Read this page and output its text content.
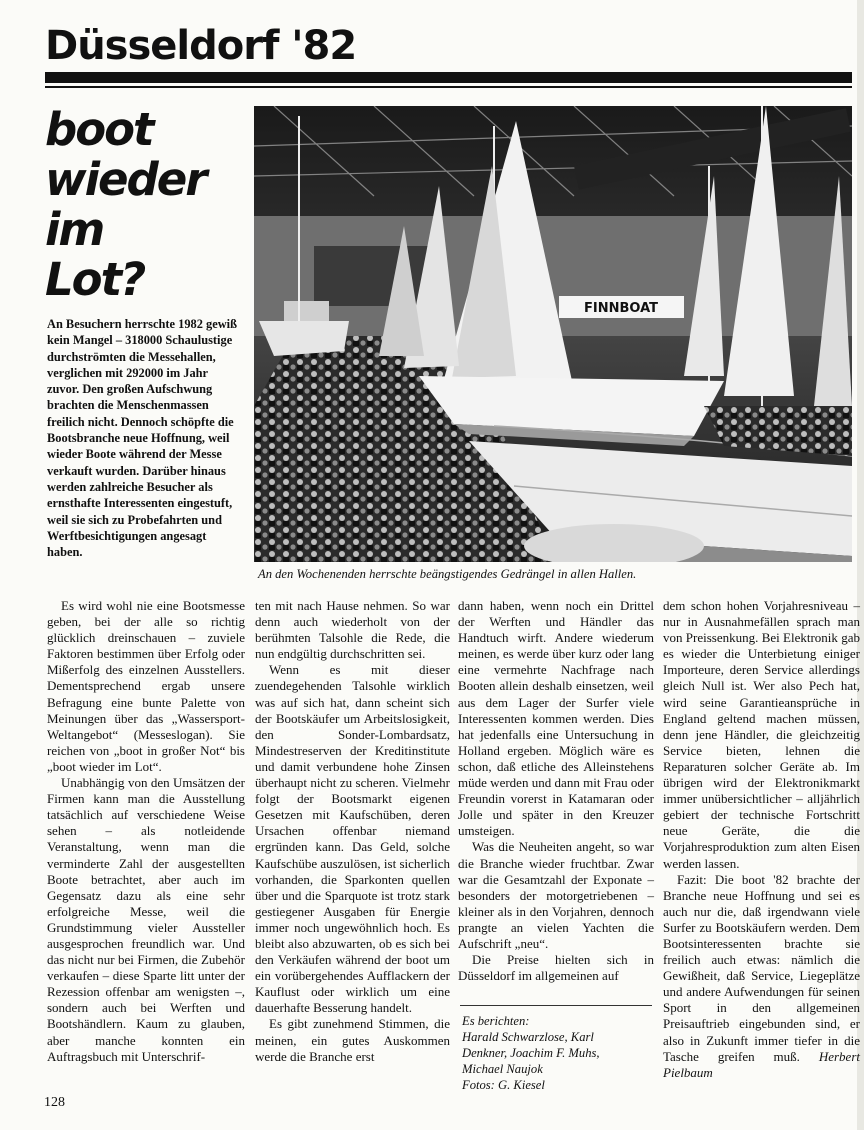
Düsseldorf '82
boot
wieder
im
Lot?
An Besuchern herrschte 1982 gewiß kein Mangel – 318000 Schaulustige durchströmten die Messehallen, verglichen mit 292000 im Jahr zuvor. Den großen Aufschwung brachten die Menschenmassen freilich nicht. Dennoch schöpfte die Bootsbranche neue Hoffnung, weil wieder Boote während der Messe verkauft wurden. Darüber hinaus werden zahlreiche Besucher als ernsthafte Interessenten eingestuft, weil sie sich zu Probefahrten und Werftbesichtigungen angesagt haben.
FINNBOAT
An den Wochenenden herrschte beängstigendes Gedrängel in allen Hallen.

Es wird wohl nie eine Bootsmesse geben, bei der alle so richtig glücklich dreinschauen – zuviele Faktoren bestimmen über Erfolg oder Mißerfolg des einzelnen Ausstellers. Dementsprechend ergab unsere Befragung eine bunte Palette von Meinungen über das „Wassersport-Weltangebot“ (Messeslogan). Sie reichen von „boot in großer Not“ bis „boot wieder im Lot“.

Unabhängig von den Umsätzen der Firmen kann man die Ausstellung tatsächlich auf verschiedene Weise sehen – als notleidende Veranstaltung, wenn man die verminderte Zahl der ausgestellten Boote betrachtet, aber auch im Gegensatz dazu als eine sehr erfolgreiche Messe, weil die Grundstimmung vieler Aussteller ausgesprochen freundlich war. Und das nicht nur bei Firmen, die Zubehör verkaufen – diese Sparte litt unter der Rezession offenbar am wenigsten –, sondern auch bei Werften und Bootshändlern. Kaum zu glauben, aber manche konnten ein Auftragsbuch mit Unterschrif-

ten mit nach Hause nehmen. So war denn auch wiederholt von der berühmten Talsohle die Rede, die nun endgültig durchschritten sei.

Wenn es mit dieser zuendegehenden Talsohle wirklich was auf sich hat, dann scheint sich der Bootskäufer um Arbeitslosigkeit, den Sonder-Lombardsatz, Mindestreserven der Kreditinstitute und damit verbundene hohe Zinsen überhaupt nicht zu scheren. Vielmehr folgt der Bootsmarkt eigenen Gesetzen mit Kaufschüben, deren Ursachen offenbar niemand ergründen kann. Das Geld, solche Kaufschübe auszulösen, ist sicherlich vorhanden, die Sparkonten quellen über und die Sparquote ist trotz stark gestiegener Ausgaben für Energie immer noch ungewöhnlich hoch. Es bleibt also abzuwarten, ob es sich bei den Verkäufen während der boot um ein vorübergehendes Aufflackern der Kauflust oder wirklich um eine dauerhafte Besserung handelt.

Es gibt zunehmend Stimmen, die meinen, ein gutes Auskommen werde die Branche erst

dann haben, wenn noch ein Drittel der Werften und Händler das Handtuch wirft. Andere wiederum meinen, es werde über kurz oder lang eine vermehrte Nachfrage nach Booten allein deshalb einsetzen, weil aus dem Lager der Surfer viele Interessenten kommen werden. Dies hat jedenfalls eine Untersuchung in Holland ergeben. Möglich wäre es schon, daß etliche des Alleinstehens müde werden und dann mit Frau oder Freundin vorerst in Katamaran oder Jolle und später in den Kreuzer umsteigen.

Was die Neuheiten angeht, so war die Branche wieder fruchtbar. Zwar war die Gesamtzahl der Exponate – besonders der motorgetriebenen – kleiner als in den Vorjahren, dennoch prangte an vielen Yachten die Aufschrift „neu“.

Die Preise hielten sich in Düsseldorf im allgemeinen auf

Es berichten:
Harald Schwarzlose, Karl
Denkner, Joachim F. Muhs,
Michael Naujok
Fotos: G. Kiesel

dem schon hohen Vorjahresniveau – nur in Ausnahmefällen sprach man von Preissenkung. Bei Elektronik gab es wieder die Unterbietung einiger Importeure, deren Service allerdings gleich Null ist. Wer also Pech hat, wird seine Garantieansprüche in England geltend machen müssen, denn jene Händler, die gleichzeitig Service bieten, lehnen die Reparaturen solcher Geräte ab. Im übrigen wird der Elektronikmarkt immer unübersichtlicher – alljährlich gebiert der technische Fortschritt neue Geräte, die die Vorjahresproduktion zum alten Eisen werden lassen.

Fazit: Die boot '82 brachte der Branche neue Hoffnung und sei es auch nur die, daß irgendwann viele Surfer zu Bootskäufern werden. Dem Bootsinteressenten brachte sie freilich auch etwas: nämlich die Gewißheit, daß Service, Liegeplätze und andere Aufwendungen für seinen Sport in den allgemeinen Preisauftrieb eingebunden sind, er also in Zukunft immer tiefer in die Tasche greifen muß. Herbert Pielbaum

128
